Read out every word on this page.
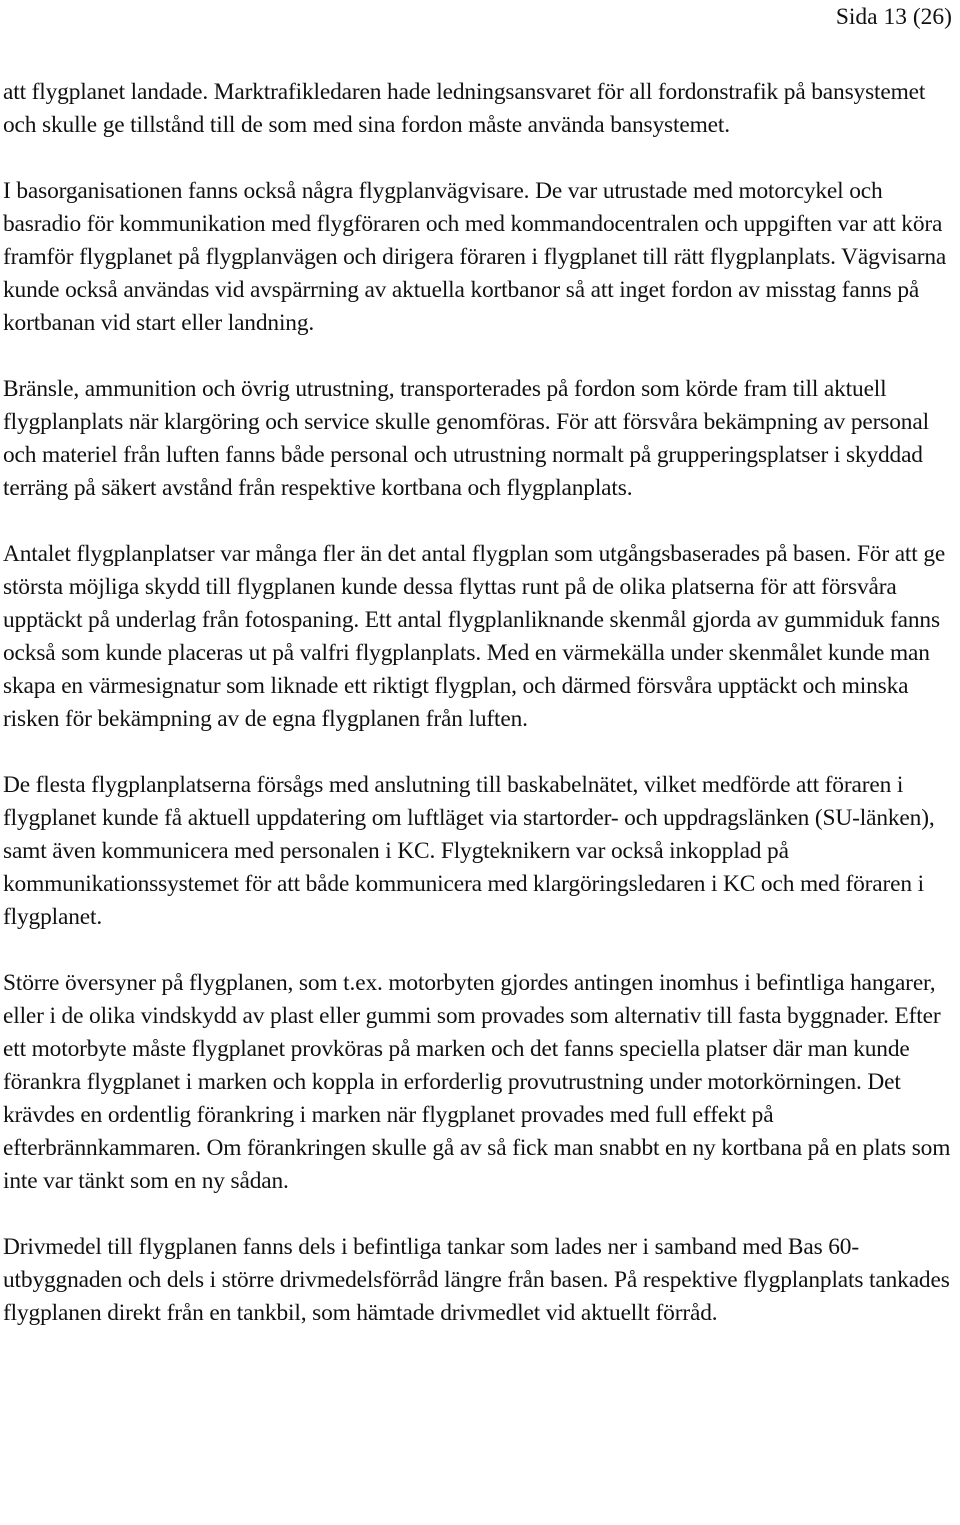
Sida 13 (26)

att flygplanet landade. Marktrafikledaren hade ledningsansvaret för all fordonstrafik på bansystemet och skulle ge tillstånd till de som med sina fordon måste använda bansystemet.

I basorganisationen fanns också några flygplanvägvisare. De var utrustade med motorcykel och basradio för kommunikation med flygföraren och med kommandocentralen och uppgiften var att köra framför flygplanet på flygplanvägen och dirigera föraren i flygplanet till rätt flygplanplats. Vägvisarna kunde också användas vid avspärrning av aktuella kortbanor så att inget fordon av misstag fanns på kortbanan vid start eller landning.

Bränsle, ammunition och övrig utrustning, transporterades på fordon som körde fram till aktuell flygplanplats när klargöring och service skulle genomföras. För att försvåra bekämpning av personal och materiel från luften fanns både personal och utrustning normalt på grupperingsplatser i skyddad terräng på säkert avstånd från respektive kortbana och flygplanplats.

Antalet flygplanplatser var många fler än det antal flygplan som utgångsbaserades på basen. För att ge största möjliga skydd till flygplanen kunde dessa flyttas runt på de olika platserna för att försvåra upptäckt på underlag från fotospaning. Ett antal flygplanliknande skenmål gjorda av gummiduk fanns också som kunde placeras ut på valfri flygplanplats. Med en värmekälla under skenmålet kunde man skapa en värmesignatur som liknade ett riktigt flygplan, och därmed försvåra upptäckt och minska risken för bekämpning av de egna flygplanen från luften.

De flesta flygplanplatserna försågs med anslutning till baskabelnätet, vilket medförde att föraren i flygplanet kunde få aktuell uppdatering om luftläget via startorder- och uppdragslänken (SU-länken), samt även kommunicera med personalen i KC. Flygteknikern var också inkopplad på kommunikationssystemet för att både kommunicera med klargöringsledaren i KC och med föraren i flygplanet.

Större översyner på flygplanen, som t.ex. motorbyten gjordes antingen inomhus i befintliga hangarer, eller i de olika vindskydd av plast eller gummi som provades som alternativ till fasta byggnader. Efter ett motorbyte måste flygplanet provköras på marken och det fanns speciella platser där man kunde förankra flygplanet i marken och koppla in erforderlig provutrustning under motorkörningen. Det krävdes en ordentlig förankring i marken när flygplanet provades med full effekt på efterbrännkammaren. Om förankringen skulle gå av så fick man snabbt en ny kortbana på en plats som inte var tänkt som en ny sådan.

Drivmedel till flygplanen fanns dels i befintliga tankar som lades ner i samband med Bas 60-utbyggnaden och dels i större drivmedelsförråd längre från basen. På respektive flygplanplats tankades flygplanen direkt från en tankbil, som hämtade drivmedlet vid aktuellt förråd.
